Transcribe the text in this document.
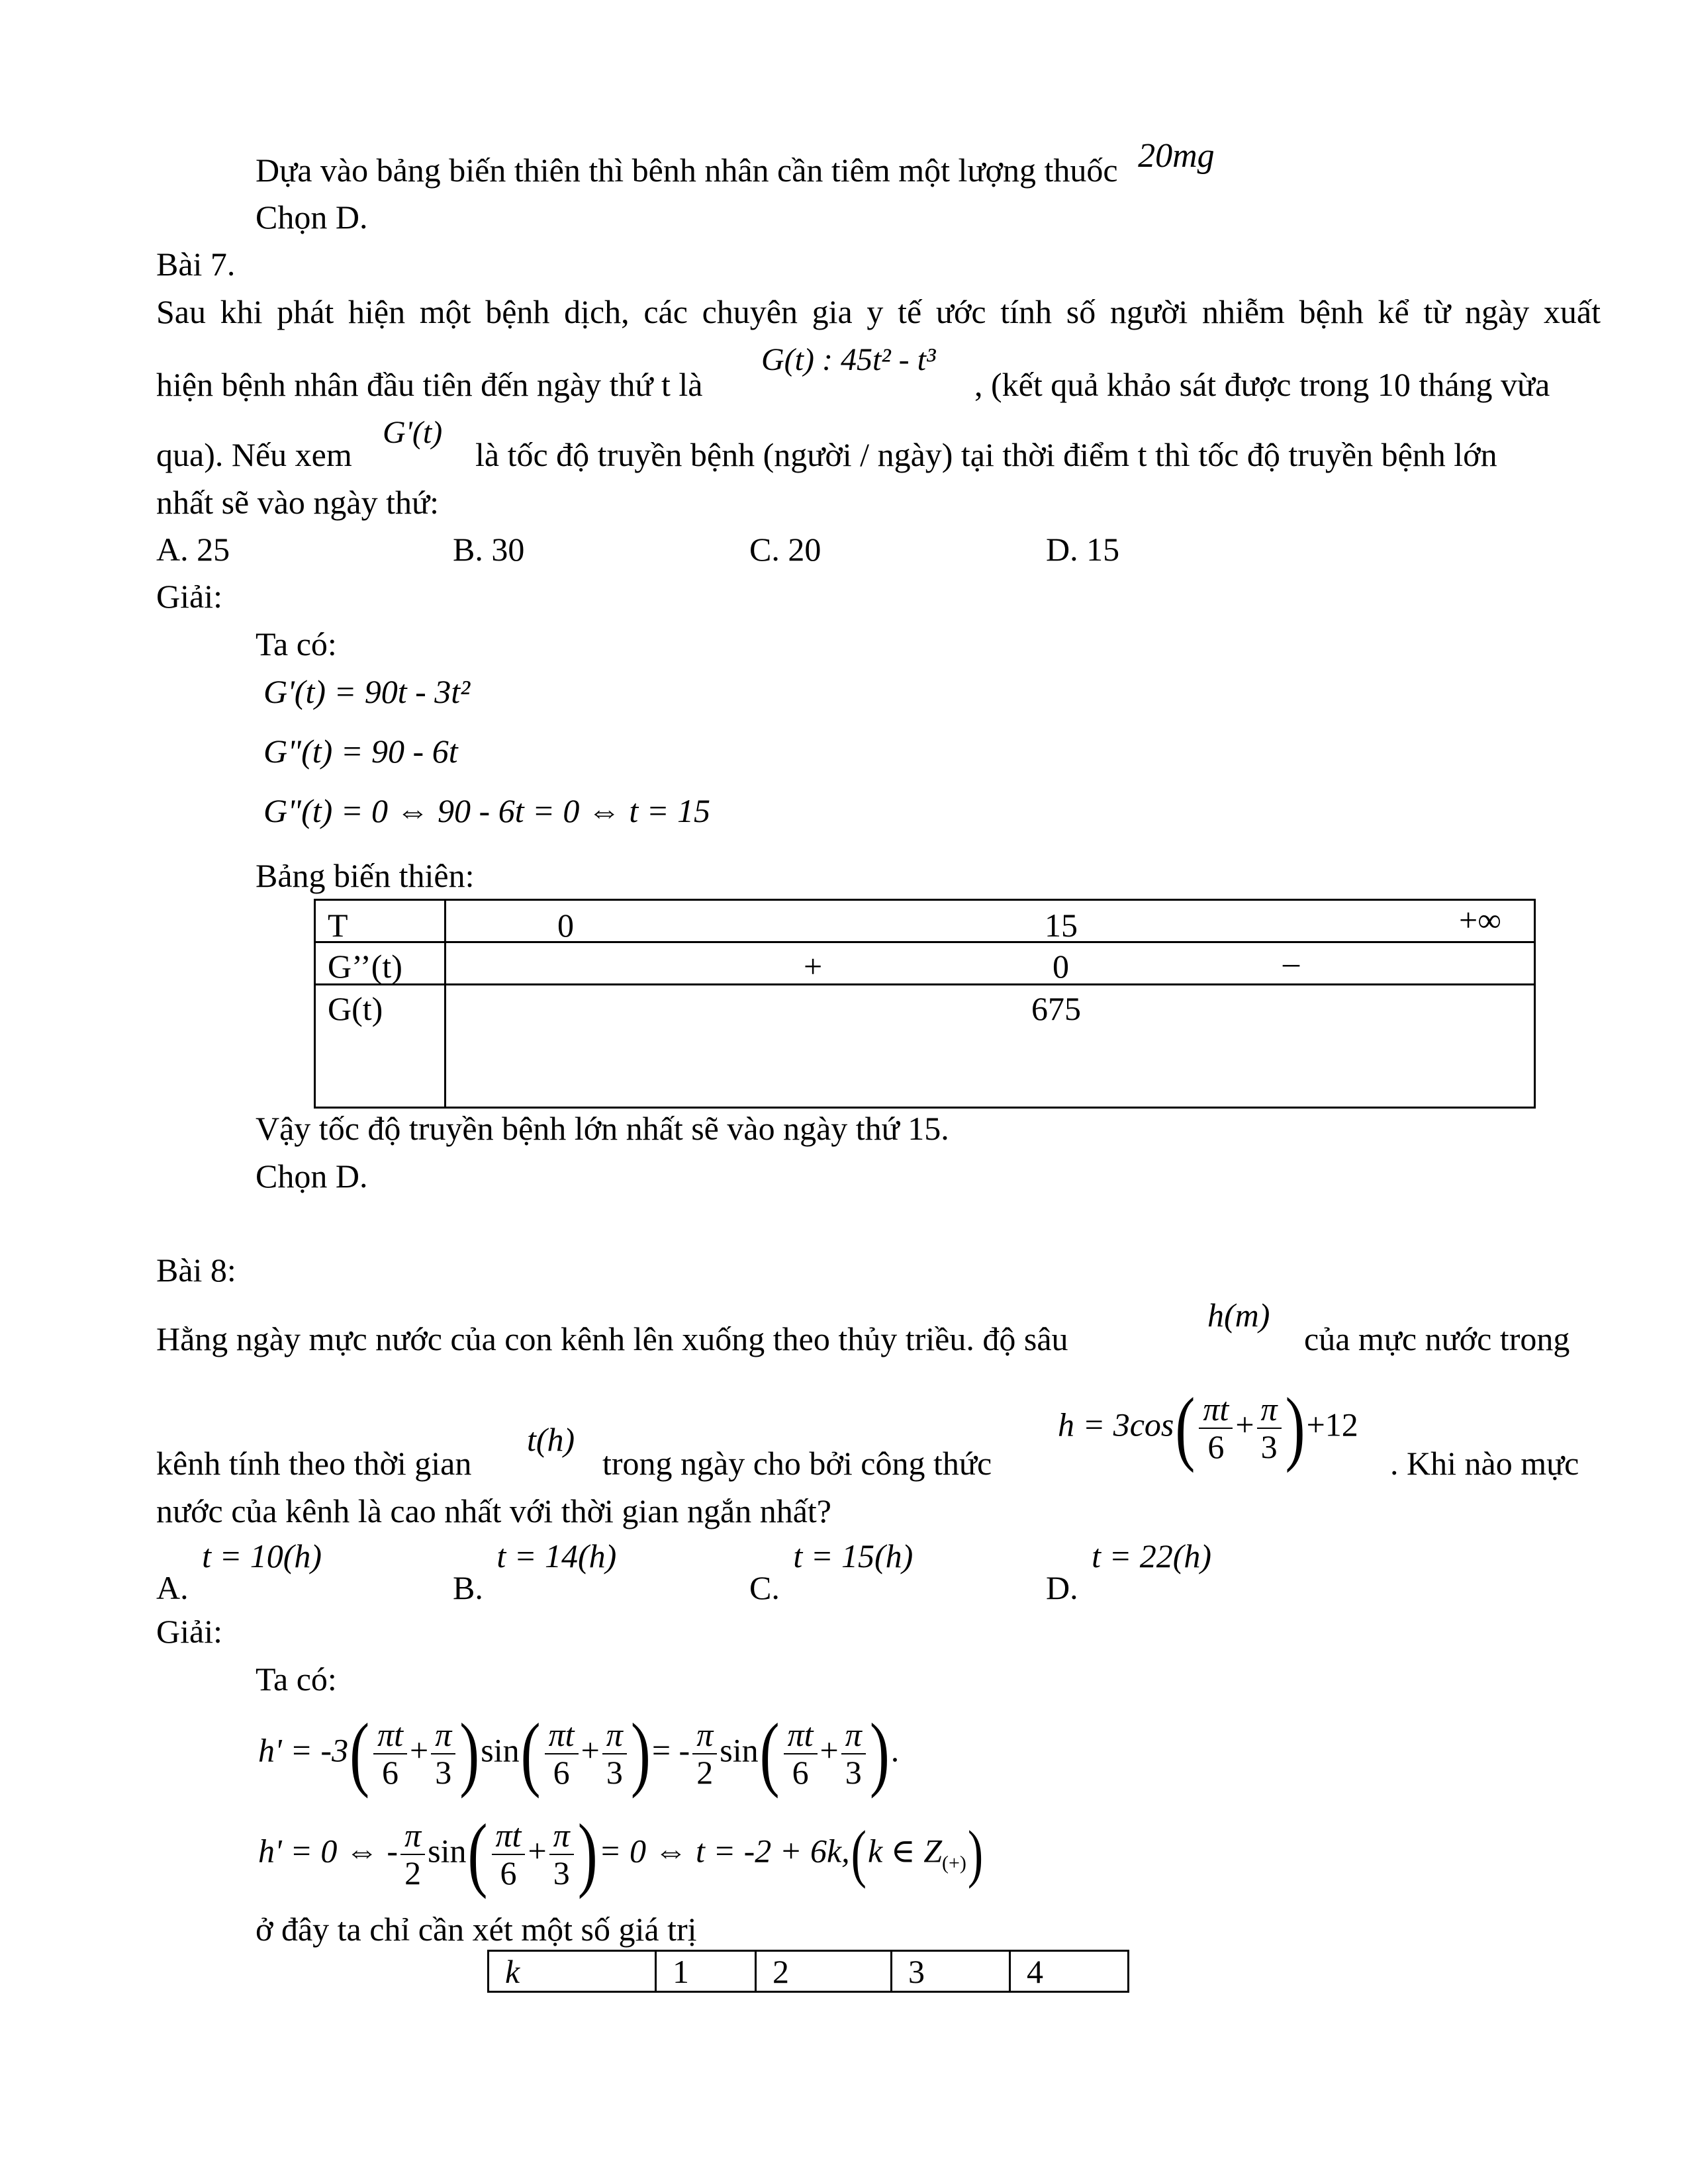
Dựa vào bảng biến thiên thì bênh nhân cần tiêm một lượng thuốc 20mg
Chọn D.
Bài 7.
Sau khi phát hiện một bệnh dịch, các chuyên gia y tế ước tính số người nhiễm bệnh kể từ ngày xuất
hiện bệnh nhân đầu tiên đến ngày thứ t là
G(t) : 45t² - t³
, (kết quả khảo sát được trong 10 tháng vừa
qua). Nếu xem
G'(t)
là tốc độ truyền bệnh (người / ngày) tại thời điểm t thì tốc độ truyền bệnh lớn
nhất sẽ vào ngày thứ:
A. 25	B. 30	C. 20	D. 15
Giải:
Ta có:
G'(t) = 90t - 3t²
G"(t) = 90 - 6t
G"(t) = 0 ⇔ 90 - 6t = 0 ⇔ t = 15
Bảng biến thiên:
T	0 15 +∞

G’’(t)	+ 0 –

G(t)	675
Vậy tốc độ truyền bệnh lớn nhất sẽ vào ngày thứ 15.
Chọn D.
Bài 8:
Hằng ngày mực nước của con kênh lên xuống theo thủy triều. độ sâu
h(m)
của mực nước trong
kênh tính theo thời gian
t(h)
trong ngày cho bởi công thức
$h = 3\cos( \frac{\pi t}{6} + \frac{\pi}{3} )+12$
. Khi nào mực
nước của kênh là cao nhất với thời gian ngắn nhất?
A. t = 10(h)
B. t = 14(h)
C. t = 15(h)
D. t = 22(h)
Giải:
Ta có:
$h' = -3( \frac{\pi t}{6} + \frac{\pi}{3} )\sin( \frac{\pi t}{6} + \frac{\pi}{3}$ )= - $\frac{\pi}{2} \sin( \frac{\pi t}{6} + \frac{\pi}{3}$ ).
h' = 0 ⇔ - $\frac{\pi}{2} \sin( \frac{\pi t}{6} + \frac{\pi}{3}$ )= 0 ⇔ t = -2 + 6k,(k ∈ $Z_{(+)}$)
ở đây ta chỉ cần xét một số giá trị
k	1	2	3	4
